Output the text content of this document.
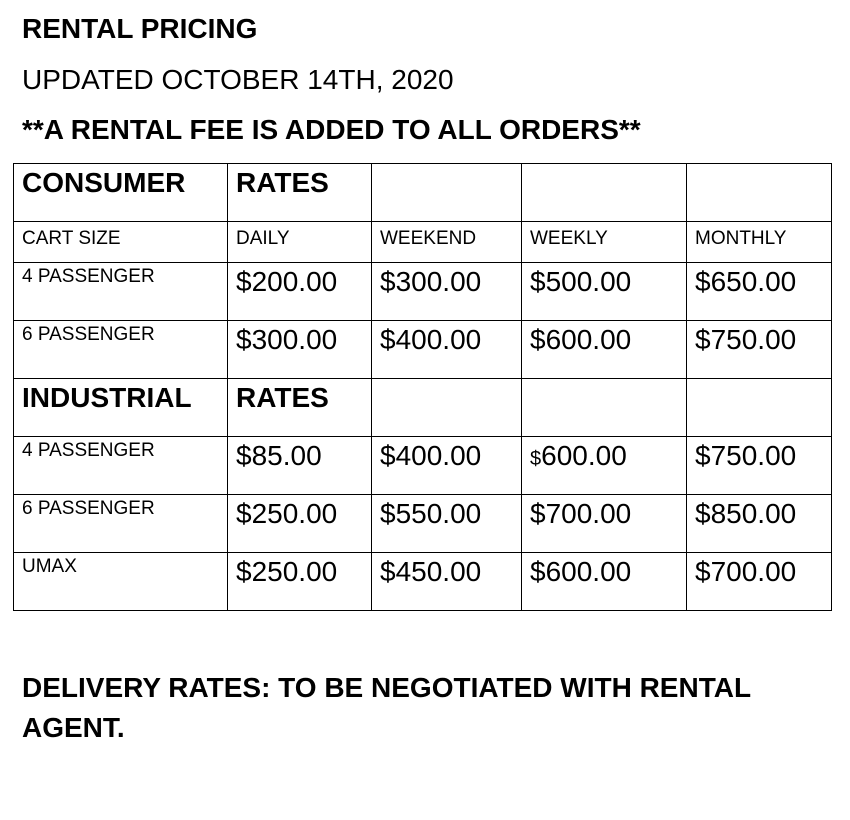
RENTAL PRICING
UPDATED OCTOBER 14TH, 2020
**A RENTAL FEE IS ADDED TO ALL ORDERS**
CONSUMER	RATES			

CART SIZE	DAILY	WEEKEND	WEEKLY	MONTHLY

4 PASSENGER	$200.00	$300.00	$500.00	$650.00

6 PASSENGER	$300.00	$400.00	$600.00	$750.00

INDUSTRIAL	RATES			

4 PASSENGER	$85.00	$400.00	$600.00	$750.00

6 PASSENGER	$250.00	$550.00	$700.00	$850.00

UMAX	$250.00	$450.00	$600.00	$700.00
DELIVERY RATES: TO BE NEGOTIATED WITH RENTAL AGENT.
